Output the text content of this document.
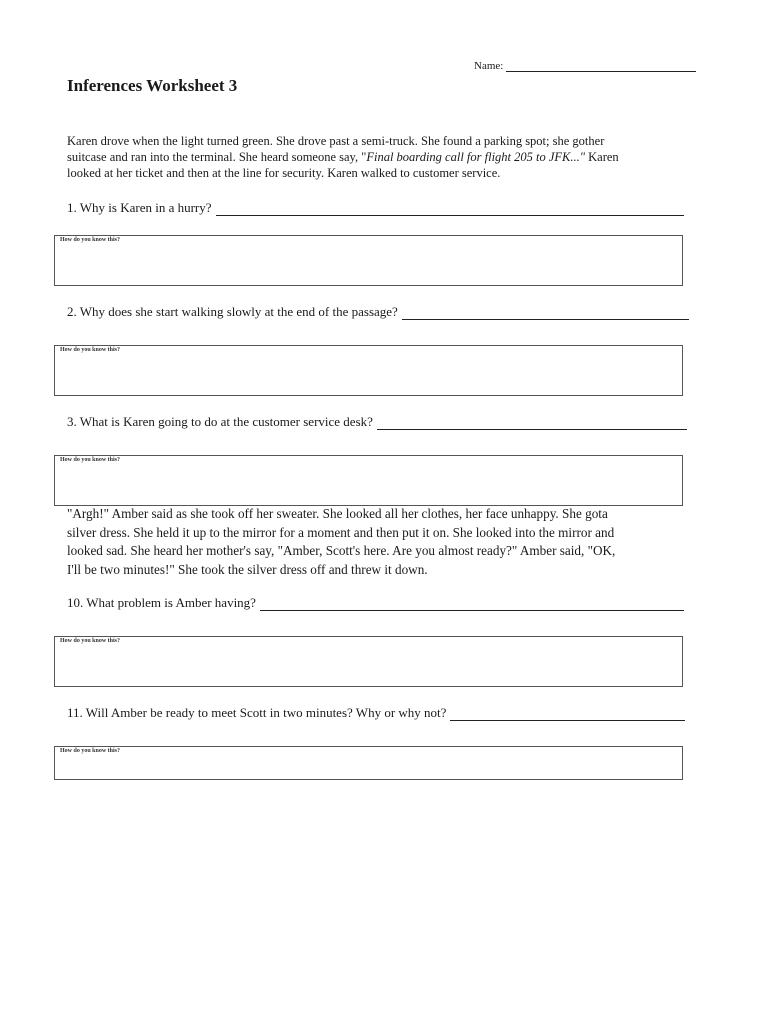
Name:
Inferences Worksheet 3

Karen drove when the light turned green. She drove past a semi-truck. She found a parking spot; she gother
suitcase and ran into the terminal. She heard someone say, "Final boarding call for flight 205 to JFK..." Karen
looked at her ticket and then at the line for security. Karen walked to customer service.

1. Why is Karen in a hurry?
How do you know this?
2. Why does she start walking slowly at the end of the passage?
How do you know this?
3. What is Karen going to do at the customer service desk?
How do you know this?

"Argh!" Amber said as she took off her sweater. She looked all her clothes, her face unhappy. She gota
silver dress. She held it up to the mirror for a moment and then put it on. She looked into the mirror and
looked sad. She heard her mother's say, "Amber, Scott's here. Are you almost ready?" Amber said, "OK,
I'll be two minutes!" She took the silver dress off and threw it down.

10. What problem is Amber having?
How do you know this?
11. Will Amber be ready to meet Scott in two minutes? Why or why not?
How do you know this?
